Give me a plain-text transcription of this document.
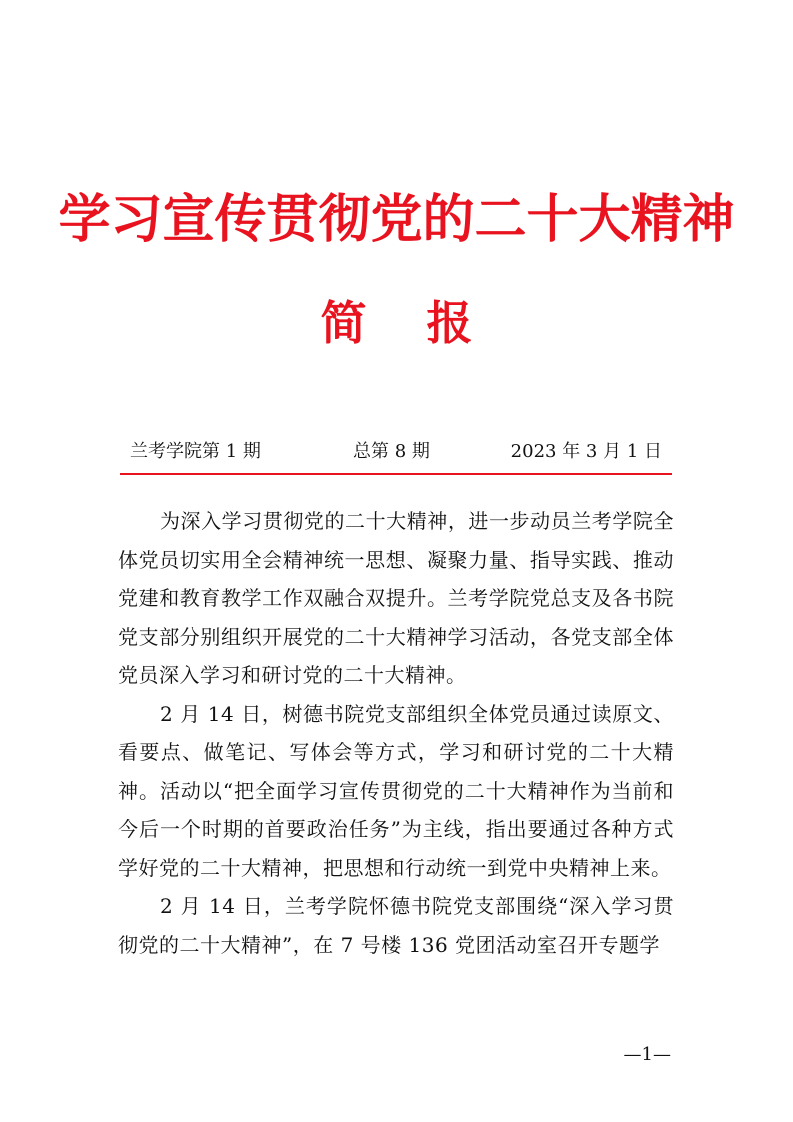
学习宣传贯彻党的二十大精神
简报
兰考学院第 1 期	总第 8 期	2023 年 3 月 1 日

为深入学习贯彻党的二十大精神，进一步动员兰考学院全体党员切实用全会精神统一思想、凝聚力量、指导实践、推动党建和教育教学工作双融合双提升。兰考学院党总支及各书院党支部分别组织开展党的二十大精神学习活动，各党支部全体党员深入学习和研讨党的二十大精神。

2 月 14 日，树德书院党支部组织全体党员通过读原文、看要点、做笔记、写体会等方式，学习和研讨党的二十大精神。活动以“把全面学习宣传贯彻党的二十大精神作为当前和今后一个时期的首要政治任务”为主线，指出要通过各种方式学好党的二十大精神，把思想和行动统一到党中央精神上来。

2 月 14 日，兰考学院怀德书院党支部围绕“深入学习贯彻党的二十大精神”，在 7 号楼 136 党团活动室召开专题学

—1—
